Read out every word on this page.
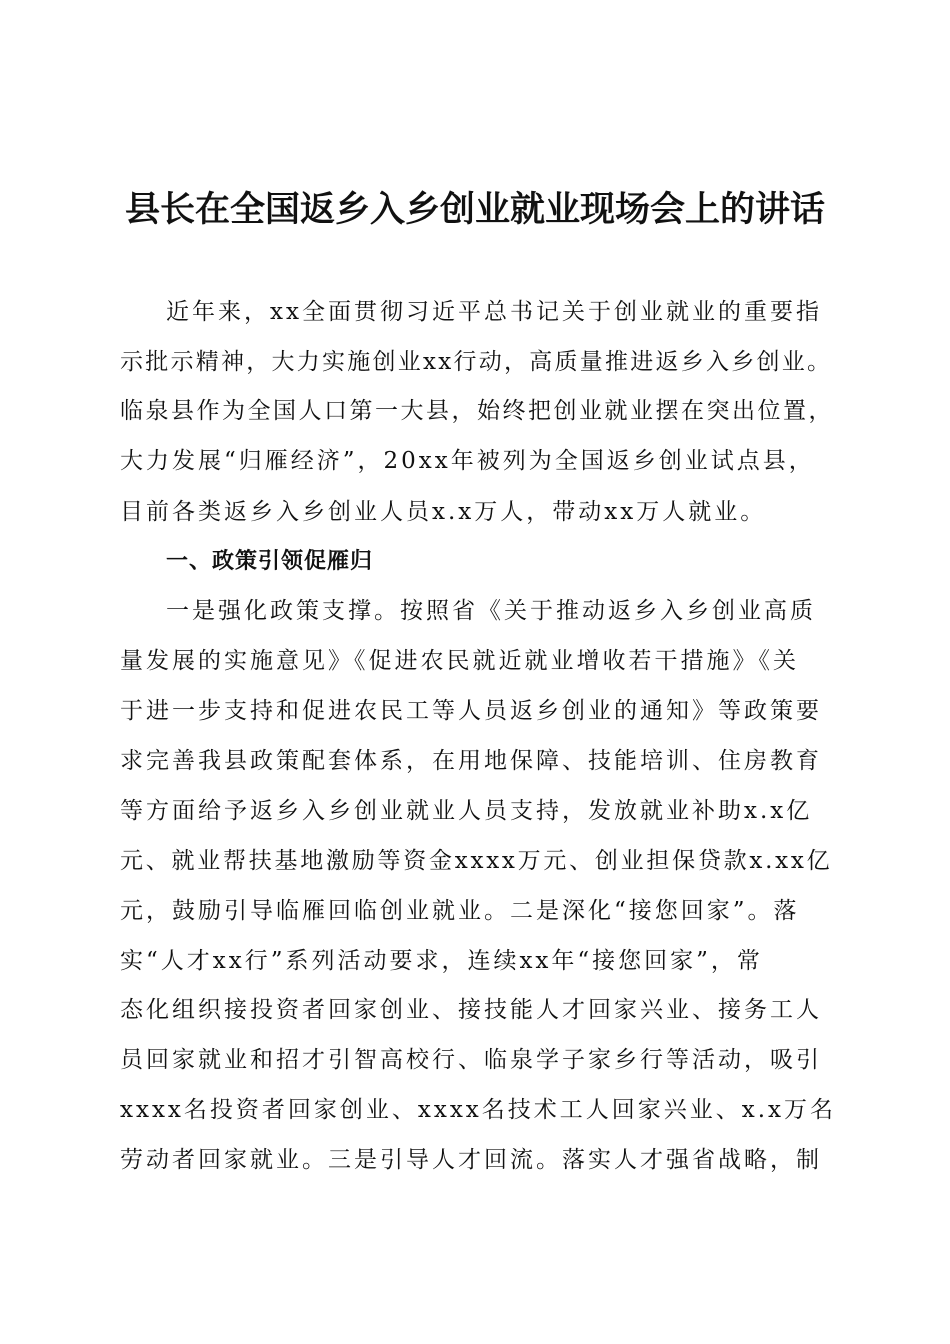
县长在全国返乡入乡创业就业现场会上的讲话

近年来，xx全面贯彻习近平总书记关于创业就业的重要指

示批示精神，大力实施创业xx行动，高质量推进返乡入乡创业。

临泉县作为全国人口第一大县，始终把创业就业摆在突出位置，

大力发展“归雁经济”，20xx年被列为全国返乡创业试点县，

目前各类返乡入乡创业人员x.x万人，带动xx万人就业。

一、政策引领促雁归

一是强化政策支撑。按照省《关于推动返乡入乡创业高质

量发展的实施意见》《促进农民就近就业增收若干措施》《关

于进一步支持和促进农民工等人员返乡创业的通知》等政策要

求完善我县政策配套体系，在用地保障、技能培训、住房教育

等方面给予返乡入乡创业就业人员支持，发放就业补助x.x亿

元、就业帮扶基地激励等资金xxxx万元、创业担保贷款x.xx亿

元，鼓励引导临雁回临创业就业。二是深化“接您回家”。落

实“人才xx行”系列活动要求，连续xx年“接您回家”，常

态化组织接投资者回家创业、接技能人才回家兴业、接务工人

员回家就业和招才引智高校行、临泉学子家乡行等活动，吸引

xxxx名投资者回家创业、xxxx名技术工人回家兴业、x.x万名

劳动者回家就业。三是引导人才回流。落实人才强省战略，制
